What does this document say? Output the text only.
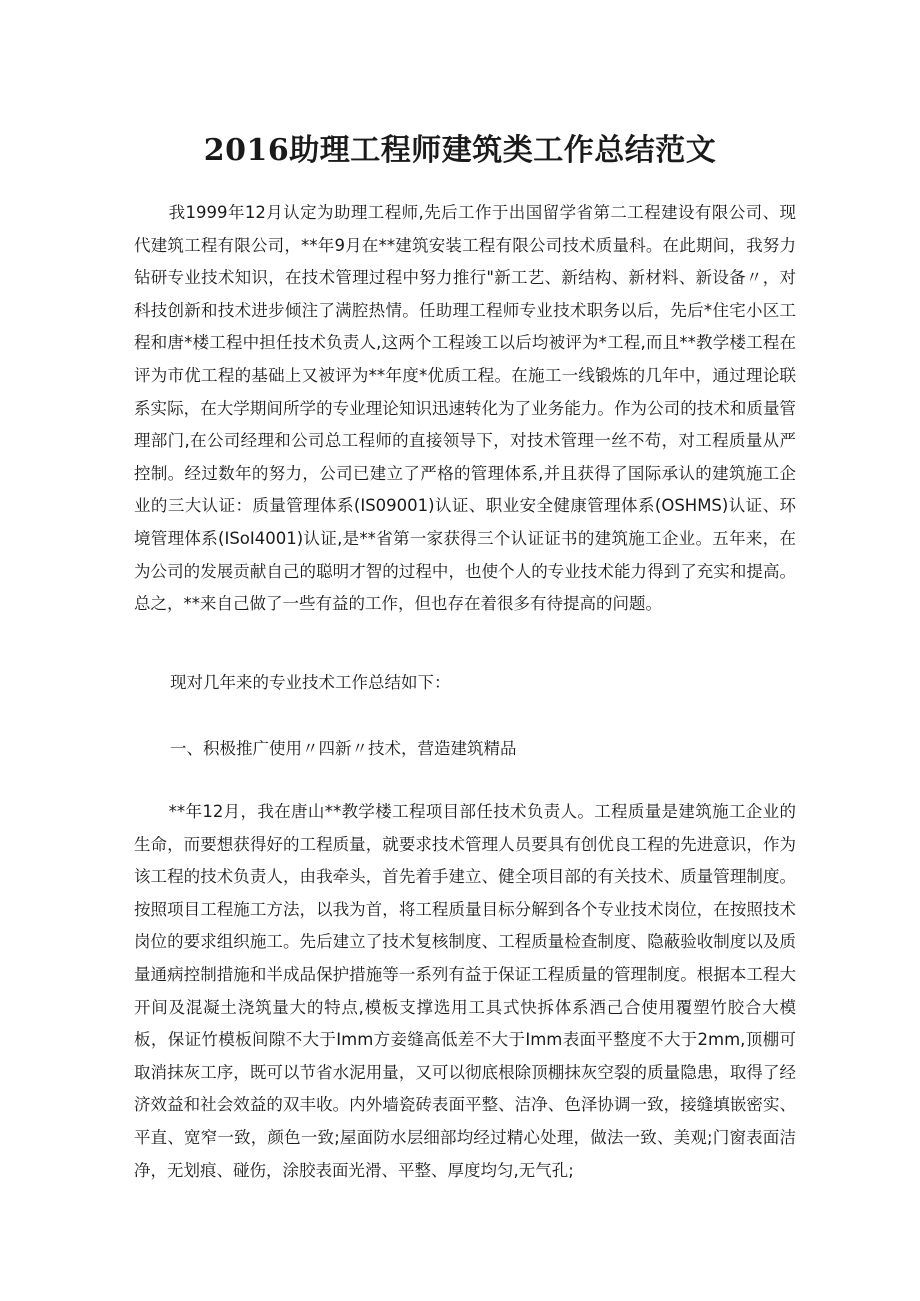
2016助理工程师建筑类工作总结范文

我1999年12月认定为助理工程师,先后工作于出国留学省第二工程建设有限公司、现代建筑工程有限公司，**年9月在**建筑安装工程有限公司技术质量科。在此期间，我努力钻研专业技术知识，在技术管理过程中努力推行"新工艺、新结构、新材料、新设备〃，对科技创新和技术进步倾注了满腔热情。任助理工程师专业技术职务以后，先后*住宅小区工程和唐*楼工程中担任技术负责人,这两个工程竣工以后均被评为*工程,而且**教学楼工程在评为市优工程的基础上又被评为**年度*优质工程。在施工一线锻炼的几年中，通过理论联系实际，在大学期间所学的专业理论知识迅速转化为了业务能力。作为公司的技术和质量管理部门,在公司经理和公司总工程师的直接领导下，对技术管理一丝不苟，对工程质量从严控制。经过数年的努力，公司已建立了严格的管理体系,并且获得了国际承认的建筑施工企业的三大认证：质量管理体系(IS09001)认证、职业安全健康管理体系(OSHMS)认证、环境管理体系(ISoI4001)认证,是**省第一家获得三个认证证书的建筑施工企业。五年来，在为公司的发展贡献自己的聪明才智的过程中，也使个人的专业技术能力得到了充实和提高。总之，**来自己做了一些有益的工作，但也存在着很多有待提高的问题。

现对几年来的专业技术工作总结如下：

一、积极推广使用〃四新〃技术，营造建筑精品

**年12月，我在唐山**教学楼工程项目部任技术负责人。工程质量是建筑施工企业的生命，而要想获得好的工程质量，就要求技术管理人员要具有创优良工程的先进意识，作为该工程的技术负责人，由我牵头，首先着手建立、健全项目部的有关技术、质量管理制度。按照项目工程施工方法，以我为首，将工程质量目标分解到各个专业技术岗位，在按照技术岗位的要求组织施工。先后建立了技术复核制度、工程质量检查制度、隐蔽验收制度以及质量通病控制措施和半成品保护措施等一系列有益于保证工程质量的管理制度。根据本工程大开间及混凝土浇筑量大的特点,模板支撑选用工具式快拆体系酒己合使用覆塑竹胶合大模板，保证竹模板间隙不大于Imm方妾缝高低差不大于Imm表面平整度不大于2mm,顶棚可取消抹灰工序，既可以节省水泥用量，又可以彻底根除顶棚抹灰空裂的质量隐患，取得了经济效益和社会效益的双丰收。内外墙瓷砖表面平整、洁净、色泽协调一致，接缝填嵌密实、平直、宽窄一致，颜色一致;屋面防水层细部均经过精心处理，做法一致、美观;门窗表面洁净，无划痕、碰伤，涂胶表面光滑、平整、厚度均匀,无气孔;
